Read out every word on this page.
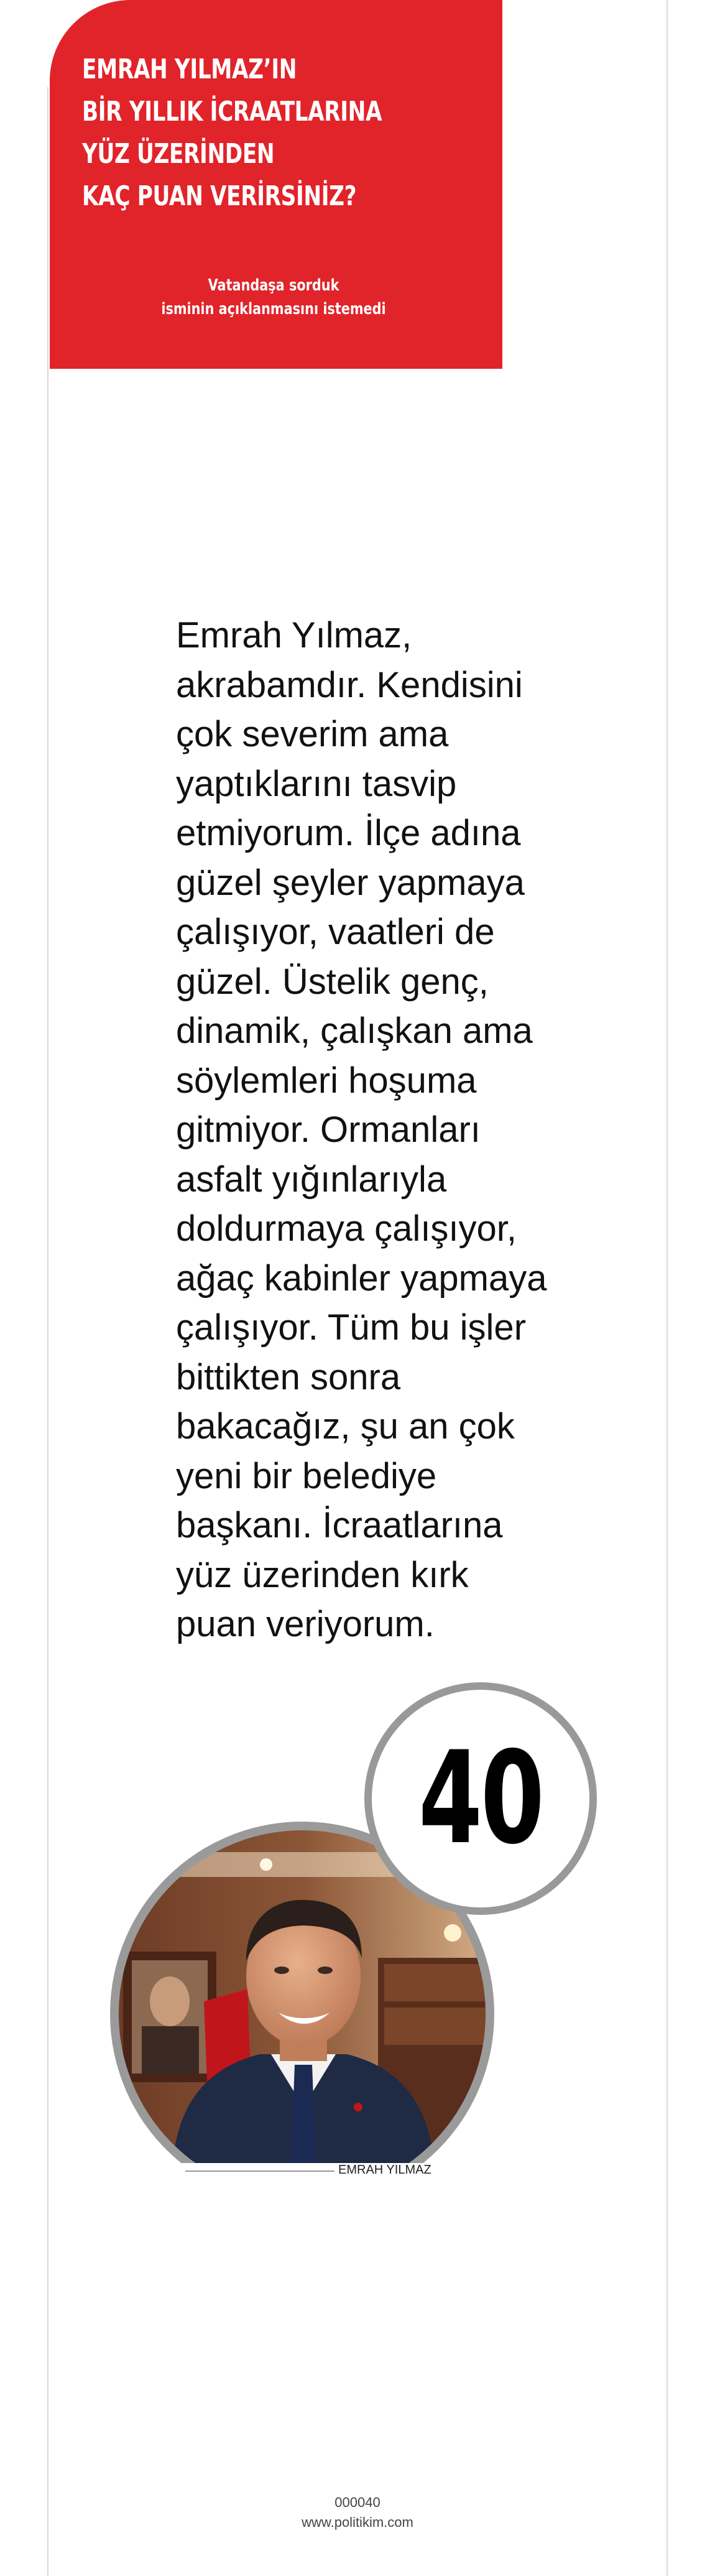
EMRAH YILMAZ’IN
BİR YILLIK İCRAATLARINA
YÜZ ÜZERİNDEN
KAÇ PUAN VERİRSİNİZ?

Vatandaşa sorduk
isminin açıklanmasını istemedi

Emrah Yılmaz,
akrabamdır. Kendisini
çok severim ama
yaptıklarını tasvip
etmiyorum. İlçe adına
güzel şeyler yapmaya
çalışıyor, vaatleri de
güzel. Üstelik genç,
dinamik, çalışkan ama
söylemleri hoşuma
gitmiyor. Ormanları
asfalt yığınlarıyla
doldurmaya çalışıyor,
ağaç kabinler yapmaya
çalışıyor. Tüm bu işler
bittikten sonra
bakacağız, şu an çok
yeni bir belediye
başkanı. İcraatlarına
yüz üzerinden kırk
puan veriyorum.

40

EMRAH YILMAZ

000040

www.politikim.com
